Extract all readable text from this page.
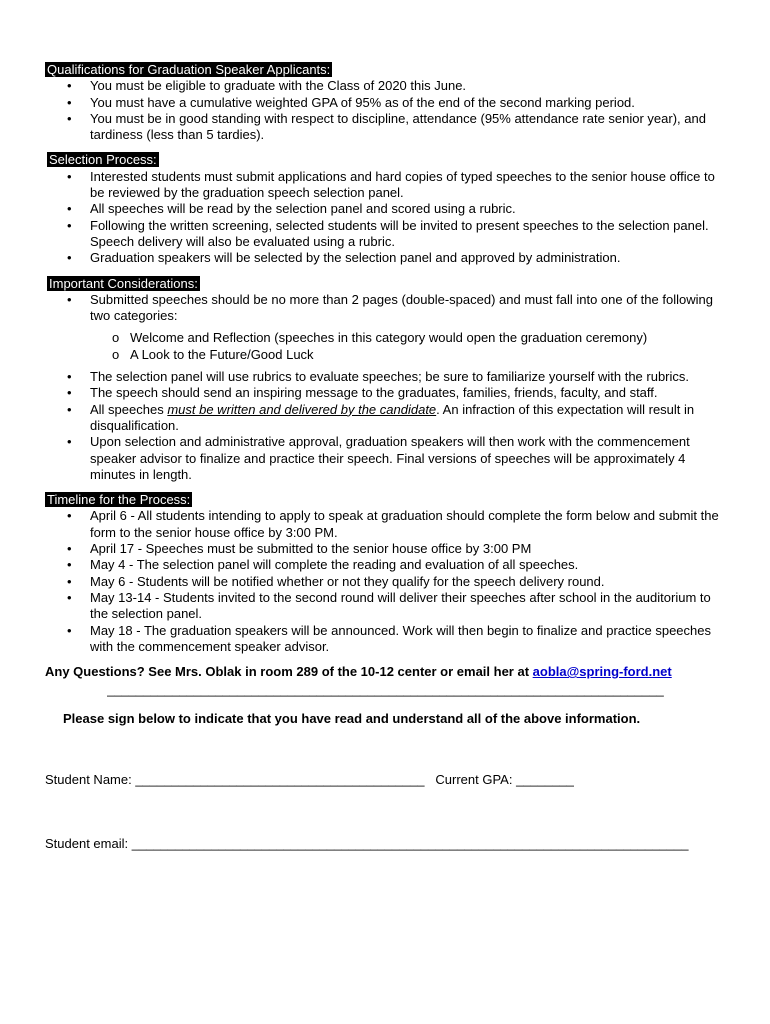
Qualifications for Graduation Speaker Applicants:
• You must be eligible to graduate with the Class of 2020 this June.
• You must have a cumulative weighted GPA of 95% as of the end of the second marking period.
• You must be in good standing with respect to discipline, attendance (95% attendance rate senior year), and tardiness (less than 5 tardies).
Selection Process:
• Interested students must submit applications and hard copies of typed speeches to the senior house office to be reviewed by the graduation speech selection panel.
• All speeches will be read by the selection panel and scored using a rubric.
• Following the written screening, selected students will be invited to present speeches to the selection panel. Speech delivery will also be evaluated using a rubric.
• Graduation speakers will be selected by the selection panel and approved by administration.
Important Considerations:
• Submitted speeches should be no more than 2 pages (double-spaced) and must fall into one of the following two categories:
o Welcome and Reflection (speeches in this category would open the graduation ceremony)
o A Look to the Future/Good Luck
• The selection panel will use rubrics to evaluate speeches; be sure to familiarize yourself with the rubrics.
• The speech should send an inspiring message to the graduates, families, friends, faculty, and staff.
• All speeches must be written and delivered by the candidate. An infraction of this expectation will result in disqualification.
• Upon selection and administrative approval, graduation speakers will then work with the commencement speaker advisor to finalize and practice their speech. Final versions of speeches will be approximately 4 minutes in length.
Timeline for the Process:
• April 6 - All students intending to apply to speak at graduation should complete the form below and submit the form to the senior house office by 3:00 PM.
• April 17 - Speeches must be submitted to the senior house office by 3:00 PM
• May 4 - The selection panel will complete the reading and evaluation of all speeches.
• May 6 - Students will be notified whether or not they qualify for the speech delivery round.
• May 13-14 - Students invited to the second round will deliver their speeches after school in the auditorium to the selection panel.
• May 18 - The graduation speakers will be announced. Work will then begin to finalize and practice speeches with the commencement speaker advisor.
Any Questions? See Mrs. Oblak in room 289 of the 10-12 center or email her at aobla@spring-ford.net
_____________________________________________________________________________
Please sign below to indicate that you have read and understand all of the above information.
Student Name: ________________________________________ Current GPA: ________
Student email: _____________________________________________________________________________
